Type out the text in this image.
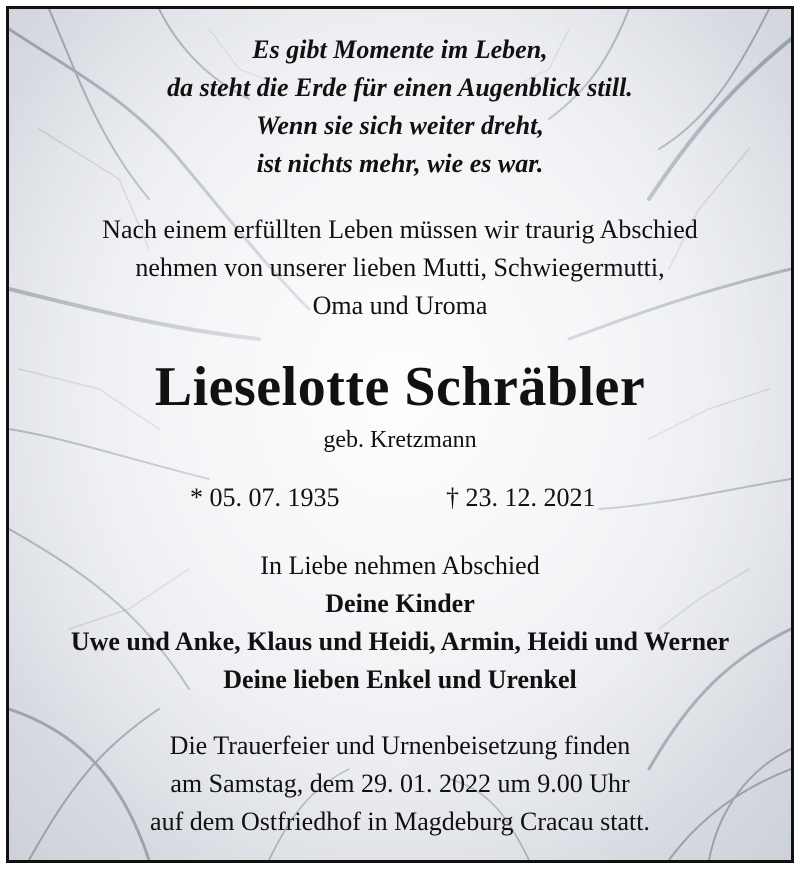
Es gibt Momente im Leben,
da steht die Erde für einen Augenblick still.
Wenn sie sich weiter dreht,
ist nichts mehr, wie es war.
Nach einem erfüllten Leben müssen wir traurig Abschied
nehmen von unserer lieben Mutti, Schwiegermutti,
Oma und Uroma
Lieselotte Schräbler
geb. Kretzmann
* 05. 07. 1935	† 23. 12. 2021
In Liebe nehmen Abschied
Deine Kinder
Uwe und Anke, Klaus und Heidi, Armin, Heidi und Werner
Deine lieben Enkel und Urenkel
Die Trauerfeier und Urnenbeisetzung finden
am Samstag, dem 29. 01. 2022 um 9.00 Uhr
auf dem Ostfriedhof in Magdeburg Cracau statt.
